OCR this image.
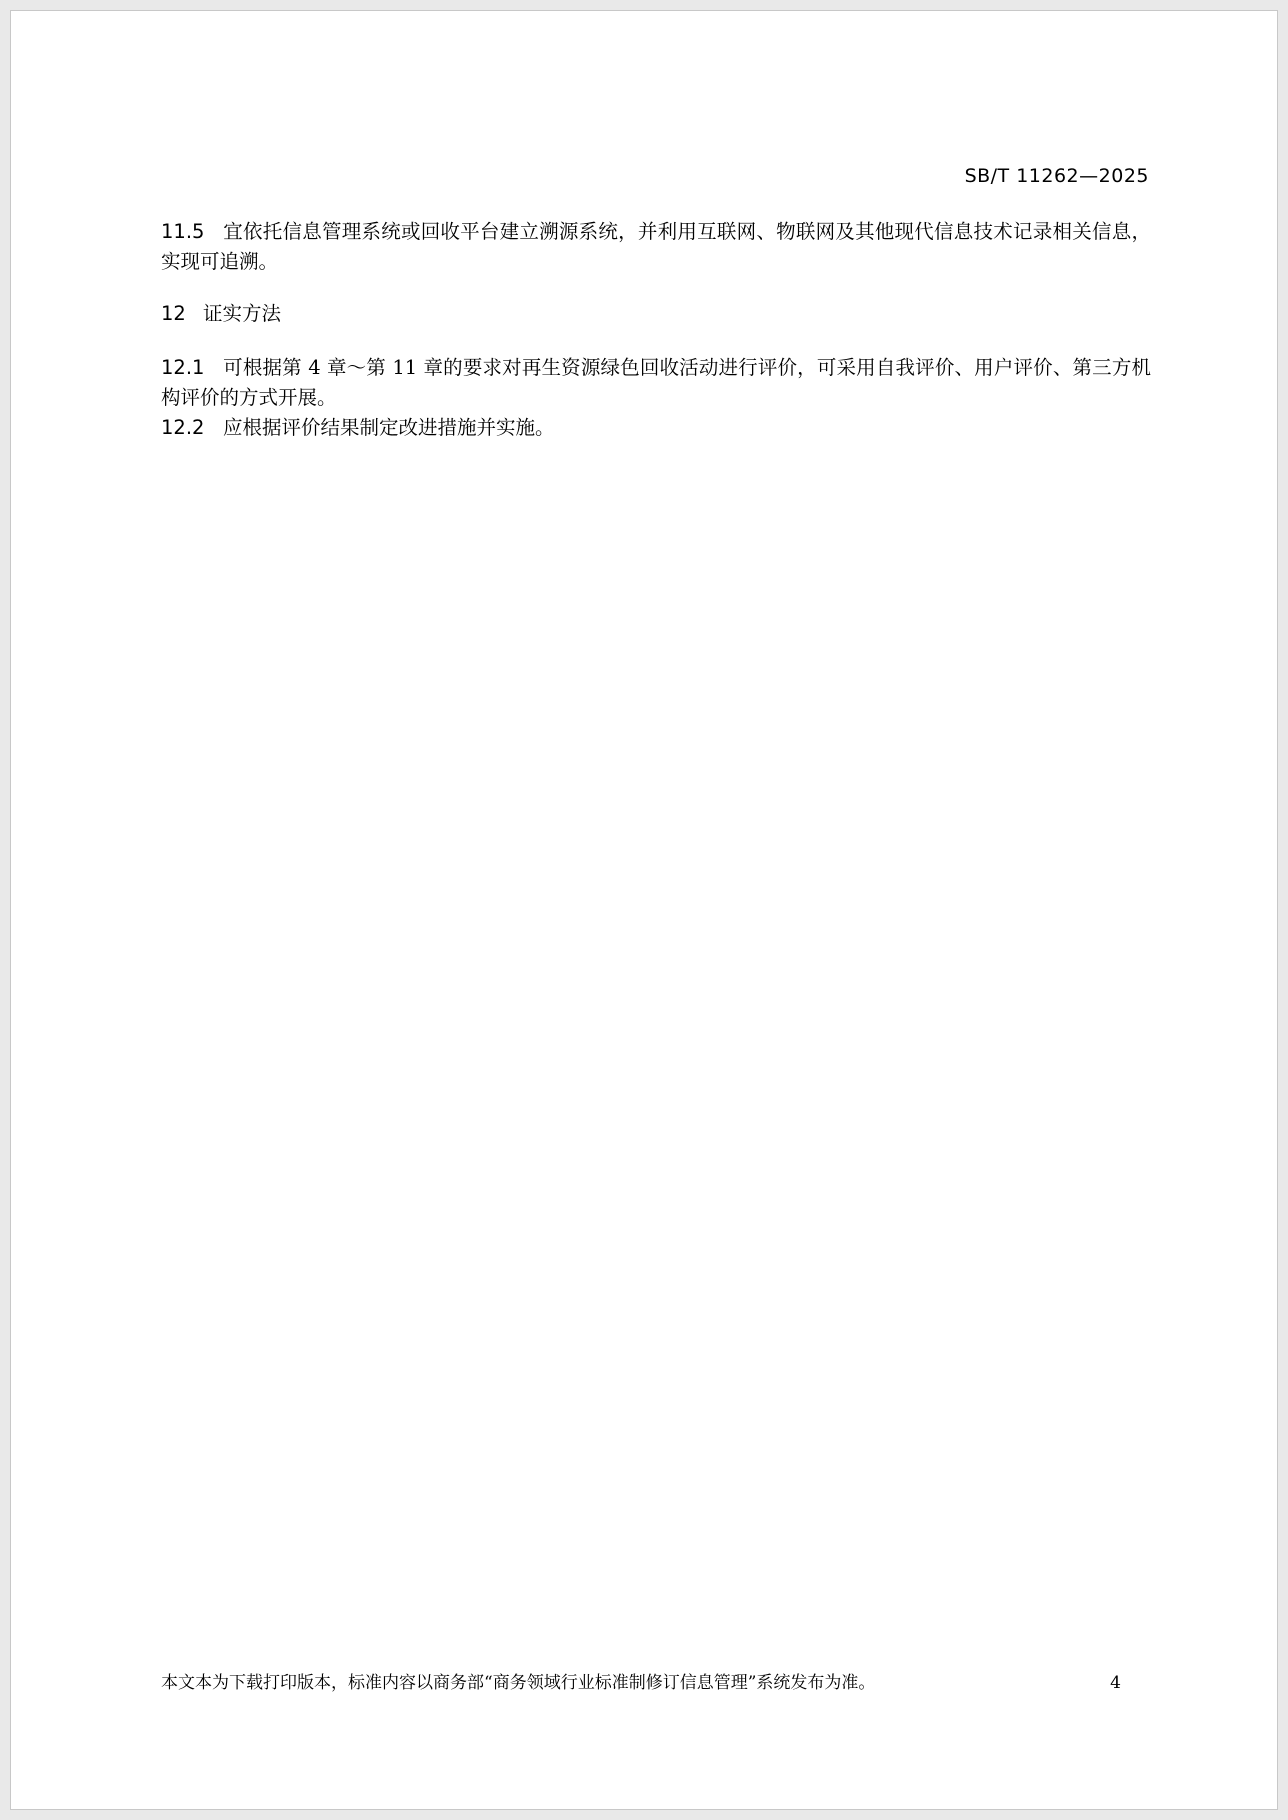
SB/T 11262—2025

11.5 宜依托信息管理系统或回收平台建立溯源系统，并利用互联网、物联网及其他现代信息技术记录相关信息，实现可追溯。

12 证实方法

12.1 可根据第 4 章～第 11 章的要求对再生资源绿色回收活动进行评价，可采用自我评价、用户评价、第三方机构评价的方式开展。

12.2 应根据评价结果制定改进措施并实施。

本文本为下载打印版本，标准内容以商务部“商务领域行业标准制修订信息管理”系统发布为准。	4
